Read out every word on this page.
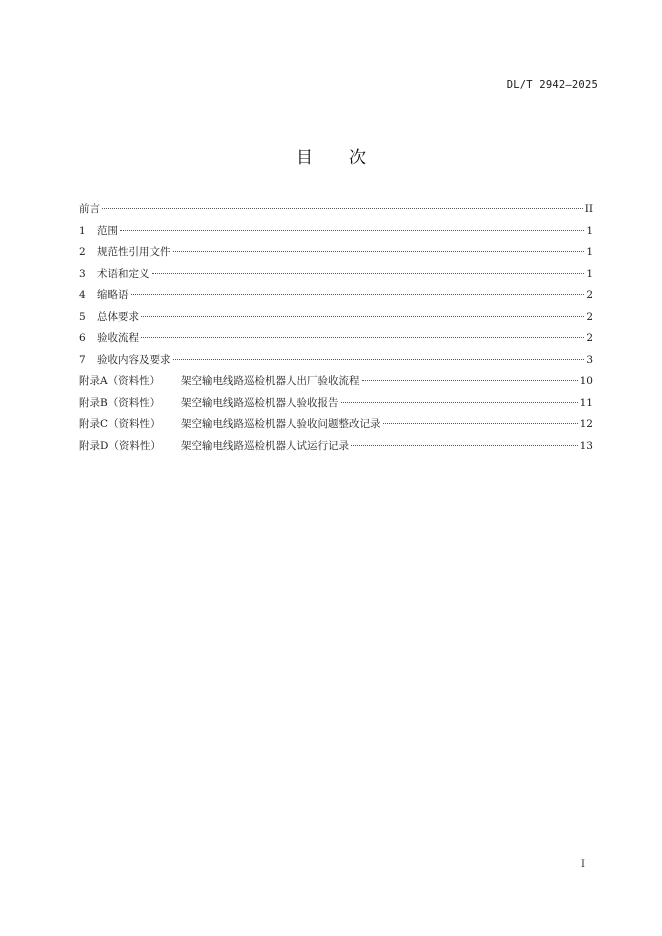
DL/T 2942—2025
目 次
前言	II
1	范围	1
2	规范性引用文件	1
3	术语和定义	1
4	缩略语	2
5	总体要求	2
6	验收流程	2
7	验收内容及要求	3
附录A（资料性）	架空输电线路巡检机器人出厂验收流程	10
附录B（资料性）	架空输电线路巡检机器人验收报告	11
附录C（资料性）	架空输电线路巡检机器人验收问题整改记录	12
附录D（资料性）	架空输电线路巡检机器人试运行记录	13
I
